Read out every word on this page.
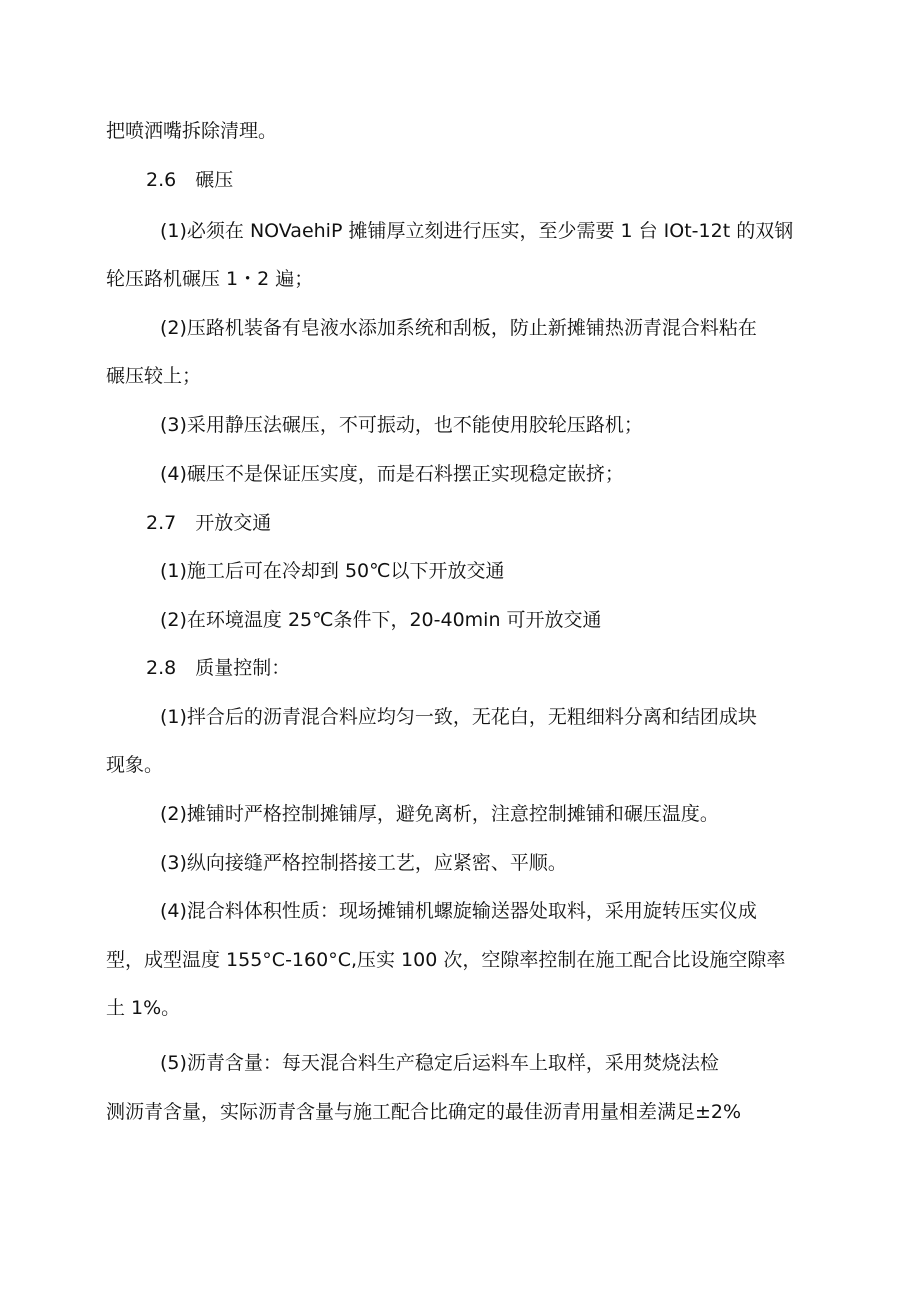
把喷洒嘴拆除清理。

2.6　碾压

(1)必须在 NOVaehiP 摊铺厚立刻进行压实，至少需要 1 台 IOt-12t 的双钢

轮压路机碾压 1・2 遍；

(2)压路机装备有皂液水添加系统和刮板，防止新摊铺热沥青混合料粘在

碾压较上；

(3)采用静压法碾压，不可振动，也不能使用胶轮压路机；

(4)碾压不是保证压实度，而是石料摆正实现稳定嵌挤；

2.7　开放交通

(1)施工后可在冷却到 50℃以下开放交通

(2)在环境温度 25℃条件下，20-40min 可开放交通

2.8　质量控制：

(1)拌合后的沥青混合料应均匀一致，无花白，无粗细料分离和结团成块

现象。

(2)摊铺时严格控制摊铺厚，避免离析，注意控制摊铺和碾压温度。

(3)纵向接缝严格控制搭接工艺，应紧密、平顺。

(4)混合料体积性质：现场摊铺机螺旋输送器处取料，采用旋转压实仪成

型，成型温度 155°C-160°C,压实 100 次，空隙率控制在施工配合比设施空隙率

土 1%。

(5)沥青含量：每天混合料生产稳定后运料车上取样，采用焚烧法检

测沥青含量，实际沥青含量与施工配合比确定的最佳沥青用量相差满足±2%
